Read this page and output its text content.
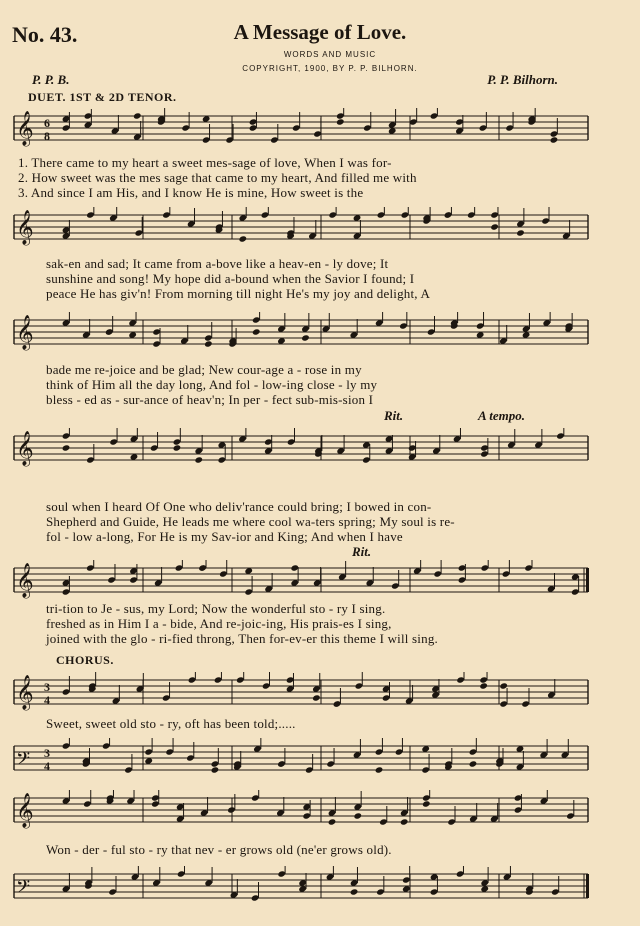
No. 43.	A Message of Love.
WORDS AND MUSIC
COPYRIGHT, 1900, BY P. P. BILHORN.
P. P. B.	P. P. Bilhorn.
DUET. 1ST & 2D TENOR.
𝄞 6
8
𝄞
𝄞
𝄞
𝄞
𝄞 3
4
𝄢 3
4
𝄞
𝄢
1. There came to my heart a sweet mes-sage of love, When I was for-
2. How sweet was the mes sage that came to my heart, And filled me with
3. And since I am His, and I know He is mine, How sweet is the
sak-en and sad; It came from a-bove like a heav-en - ly dove; It
sunshine and song! My hope did a-bound when the Savior I found; I
peace He has giv'n! From morning till night He's my joy and delight, A
bade me re-joice and be glad; New cour-age a - rose in my
think of Him all the day long, And fol - low-ing close - ly my
bless - ed as - sur-ance of heav'n; In per - fect sub-mis-sion I
Rit.	A tempo.
soul when I heard Of One who deliv'rance could bring; I bowed in con-
Shepherd and Guide, He leads me where cool wa-ters spring; My soul is re-
fol - low a-long, For He is my Sav-ior and King; And when I have
Rit.
tri-tion to Je - sus, my Lord; Now the wonderful sto - ry I sing.
freshed as in Him I a - bide, And re-joic-ing, His prais-es I sing,
joined with the glo - ri-fied throng, Then for-ev-er this theme I will sing.
CHORUS.
Sweet, sweet old sto - ry, oft has been told;.....
Won - der - ful sto - ry that nev - er grows old (ne'er grows old).
